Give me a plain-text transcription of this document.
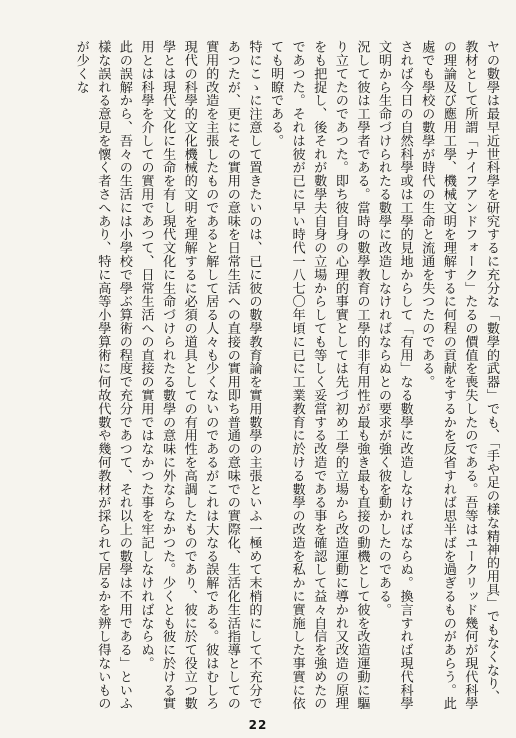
ヤの數學は最早近世科學を研究するに充分な「數學的武器」でも、「手や足の樣な精神的用具」でもなくなり、教材として所謂「ナイフアンドフォーク」たるの價值を喪失したのである。吾等はユークリッド幾何が現代科學の理論及び應用工學、機械文明を理解するに何程の貢献をするかを反省すれば思半ばを過ぎるものがあらう。此處でも學校の數學が時代の生命と流通を失つたのである。

されば今日の自然科學或は工學的見地からして「有用」なる數學に改造しなければならぬ。換言すれば現代科學文明から生命づけられたる數學に改造しなければならぬとの要求が強く彼を動かしたのである。

況して彼は工學者である。當時の數學教育の工學的非有用性が最も強き最も直接の動機として彼を改造運動に驅り立てたのであつた。即ち彼自身の心理的事實としては先づ初め工學的立場から改造運動に導かれ又改造の原理をも把捉し、後それが數學夫自身の立場からしても等しく妥當する改造である事を確認して益々自信を強めたのであつた。それは彼が已に早い時代一八七〇年頃に已に工業教育に於ける數學の改造を私かに實施した事實に依ても明瞭である。

特にこゝに注意して置きたいのは、已に彼の數學教育論を實用數學の主張といふ一極めて末梢的にして不充分であつたが、更にその實用の意味を日常生活への直接の實用即ち普通の意味での實際化、生活化生活指導としての實用的改造を主張したものであると解して居る人々も少くないのであるがこれは大なる誤解である。彼はむしろ現代の科學的文化機械的文明を理解するに必須の道具としての有用性を高調したものであり、彼に於て役立つ數學とは現代文化に生命を有し現代文化に生命づけられたる數學の意味に外ならなかつた。少くとも彼に於ける實用とは科學を介しての實用であつて、日常生活への直接の實用ではなかつた事を牢記しなければならぬ。

此の誤解から、吾々の生活には小學校で學ぶ算術の程度で充分であつて、それ以上の數學は不用である」といふ樣な誤れる意見を懷く者さへあり、特に高等小學算術に何故代數や幾何教材が採られて居るかを辨し得ないものが少くな

22
